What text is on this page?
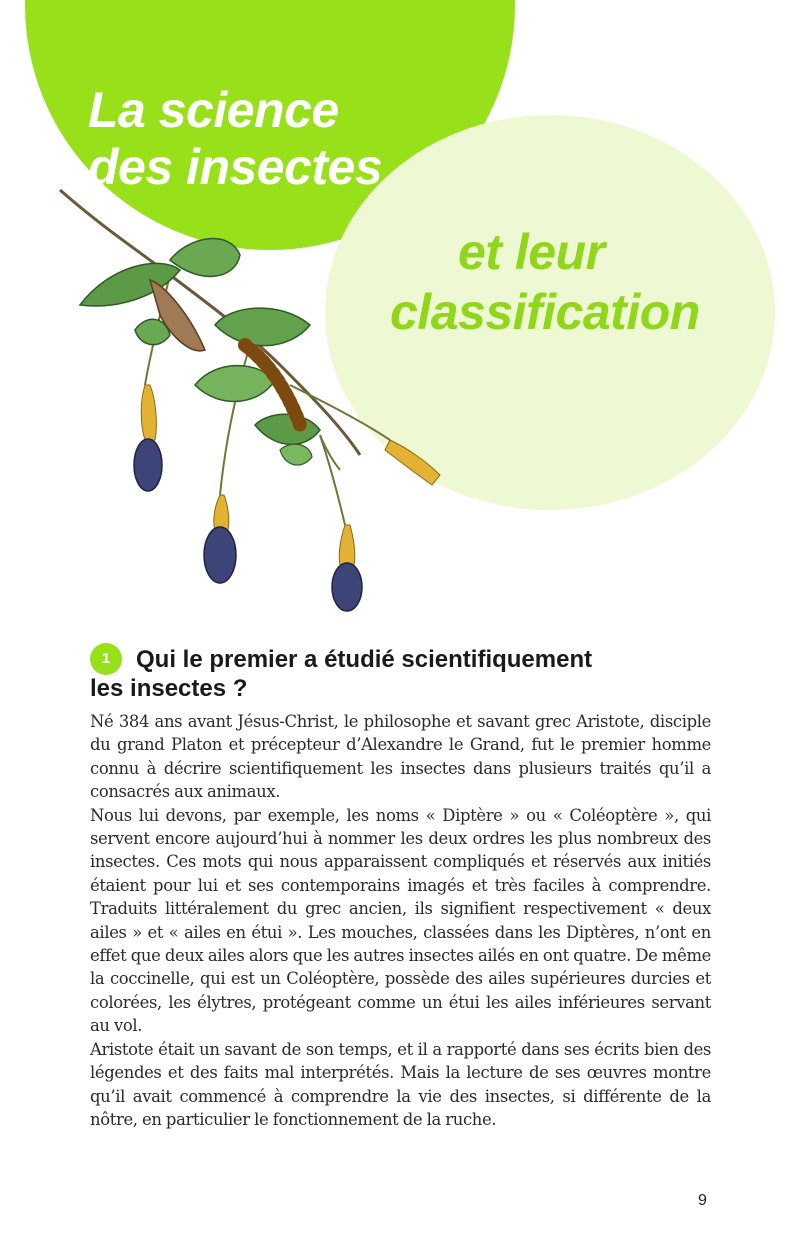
La science
des insectes
et leur
classification
1	Qui le premier a étudié scientifiquement
les insectes ?

Né 384 ans avant Jésus-Christ, le philosophe et savant grec Aristote, disciple du grand Platon et précepteur d’Alexandre le Grand, fut le premier homme connu à décrire scientifiquement les insectes dans plusieurs traités qu’il a consacrés aux animaux.

Nous lui devons, par exemple, les noms « Diptère » ou « Coléoptère », qui servent encore aujourd’hui à nommer les deux ordres les plus nombreux des insectes. Ces mots qui nous apparaissent compliqués et réservés aux initiés étaient pour lui et ses contemporains imagés et très faciles à comprendre. Traduits littéralement du grec ancien, ils signifient respectivement « deux ailes » et « ailes en étui ». Les mouches, classées dans les Diptères, n’ont en effet que deux ailes alors que les autres insectes ailés en ont quatre. De même la coccinelle, qui est un Coléoptère, possède des ailes supérieures durcies et colorées, les élytres, protégeant comme un étui les ailes inférieures servant au vol.

Aristote était un savant de son temps, et il a rapporté dans ses écrits bien des légendes et des faits mal interprétés. Mais la lecture de ses œuvres montre qu’il avait commencé à comprendre la vie des insectes, si différente de la nôtre, en particulier le fonctionnement de la ruche.

9
